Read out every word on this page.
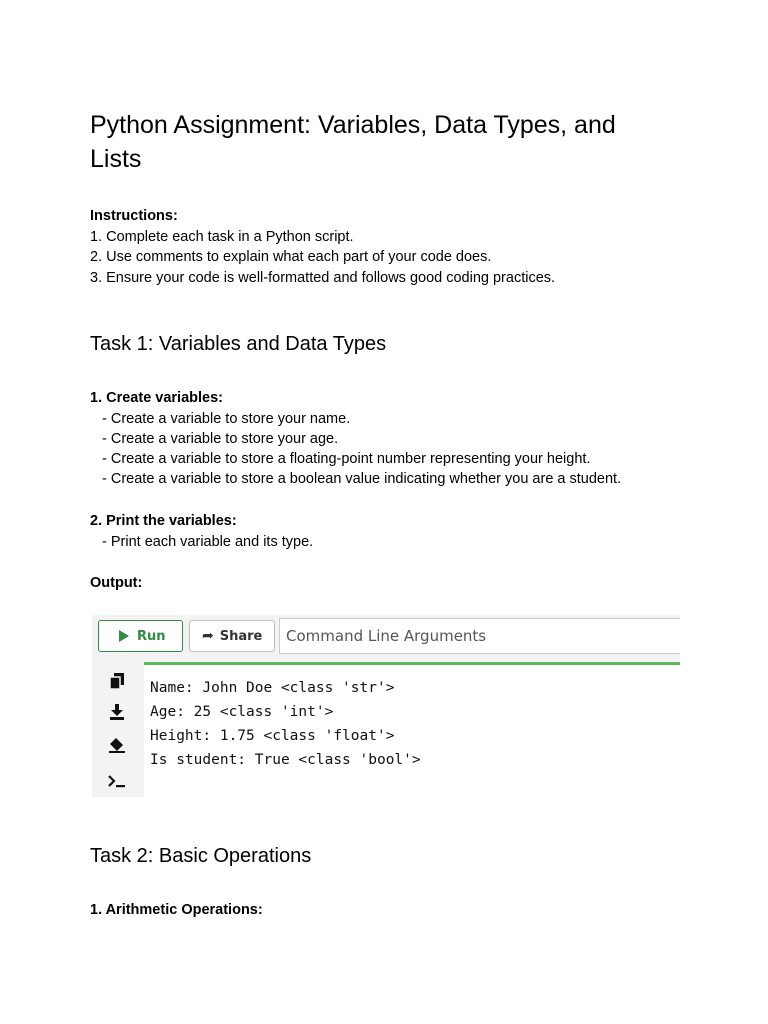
Python Assignment: Variables, Data Types, and Lists

Instructions:

1. Complete each task in a Python script.

2. Use comments to explain what each part of your code does.

3. Ensure your code is well-formatted and follows good coding practices.

Task 1: Variables and Data Types

1. Create variables:

- Create a variable to store your name.

- Create a variable to store your age.

- Create a variable to store a floating-point number representing your height.

- Create a variable to store a boolean value indicating whether you are a student.

2. Print the variables:

- Print each variable and its type.

Output:

Run	➦ Share
Command Line Arguments
Name: John Doe <class 'str'>
Age: 25 <class 'int'>
Height: 1.75 <class 'float'>
Is student: True <class 'bool'>
Task 2: Basic Operations

1. Arithmetic Operations:
